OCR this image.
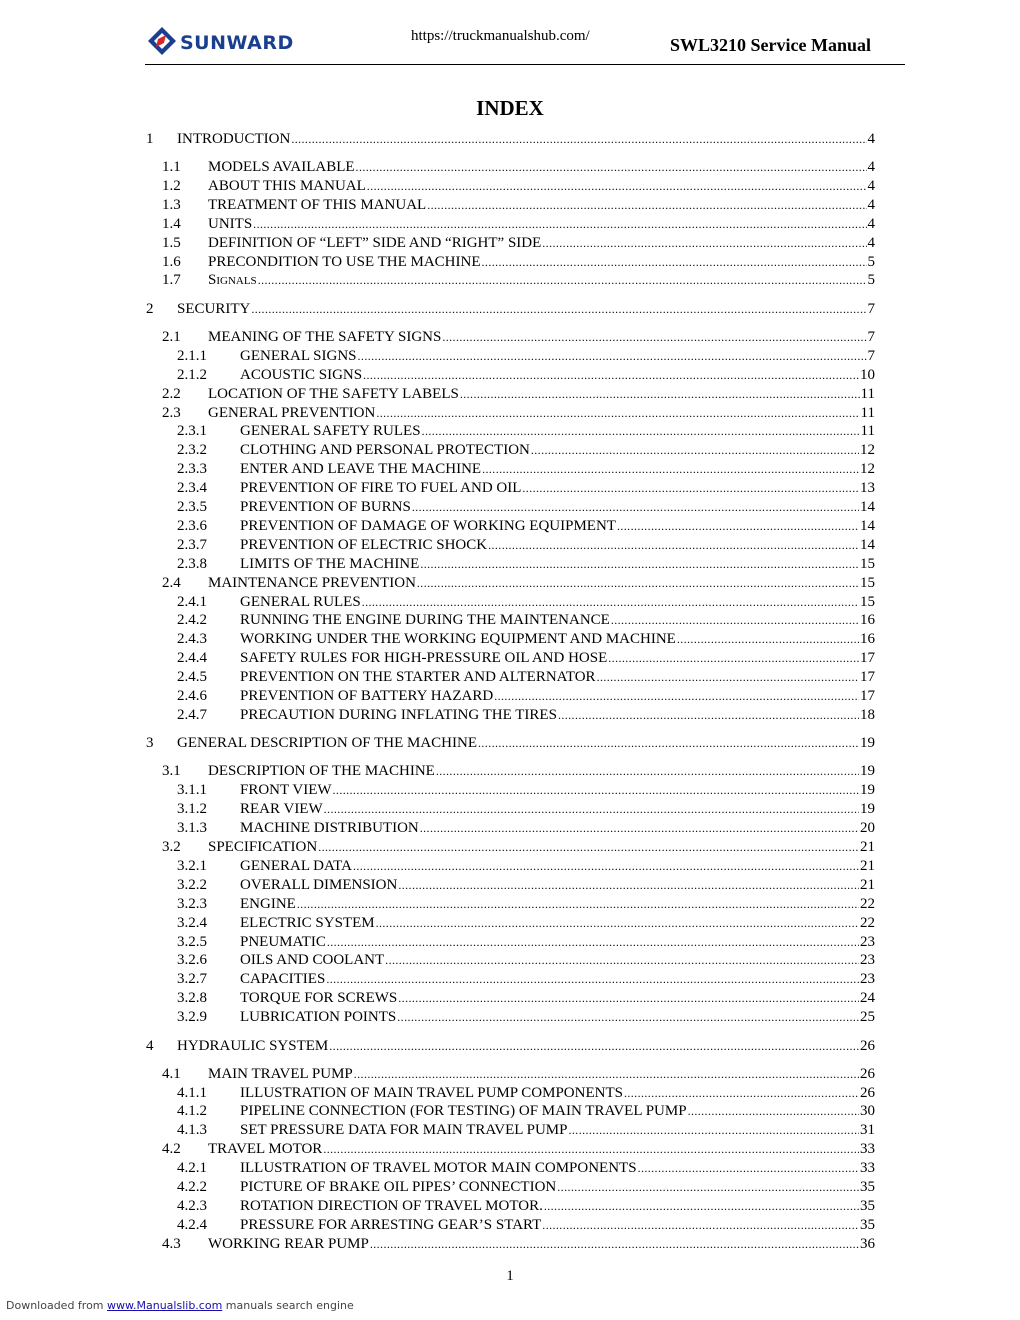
SUNWARD	https://truckmanualshub.com/	SWL3210 Service Manual
INDEX
1 INTRODUCTION .....	4
1.1 MODELS AVAILABLE .....	4
1.2 ABOUT THIS MANUAL .....	4
1.3 TREATMENT OF THIS MANUAL .....	4
1.4 UNITS .....	4
1.5 DEFINITION OF “LEFT” SIDE AND “RIGHT” SIDE .....	4
1.6 PRECONDITION TO USE THE MACHINE .....	5
1.7 Signals .....	5
2 SECURITY .....	7
2.1 MEANING OF THE SAFETY SIGNS .....	7
2.1.1 GENERAL SIGNS .....	7
2.1.2 ACOUSTIC SIGNS .....	10
2.2 LOCATION OF THE SAFETY LABELS .....	11
2.3 GENERAL PREVENTION .....	11
2.3.1 GENERAL SAFETY RULES .....	11
2.3.2 CLOTHING AND PERSONAL PROTECTION .....	12
2.3.3 ENTER AND LEAVE THE MACHINE .....	12
2.3.4 PREVENTION OF FIRE TO FUEL AND OIL .....	13
2.3.5 PREVENTION OF BURNS .....	14
2.3.6 PREVENTION OF DAMAGE OF WORKING EQUIPMENT .....	14
2.3.7 PREVENTION OF ELECTRIC SHOCK .....	14
2.3.8 LIMITS OF THE MACHINE .....	15
2.4 MAINTENANCE PREVENTION .....	15
2.4.1 GENERAL RULES .....	15
2.4.2 RUNNING THE ENGINE DURING THE MAINTENANCE .....	16
2.4.3 WORKING UNDER THE WORKING EQUIPMENT AND MACHINE .....	16
2.4.4 SAFETY RULES FOR HIGH-PRESSURE OIL AND HOSE .....	17
2.4.5 PREVENTION ON THE STARTER AND ALTERNATOR .....	17
2.4.6 PREVENTION OF BATTERY HAZARD .....	17
2.4.7 PRECAUTION DURING INFLATING THE TIRES .....	18
3 GENERAL DESCRIPTION OF THE MACHINE .....	19
3.1 DESCRIPTION OF THE MACHINE .....	19
3.1.1 FRONT VIEW .....	19
3.1.2 REAR VIEW .....	19
3.1.3 MACHINE DISTRIBUTION .....	20
3.2 SPECIFICATION .....	21
3.2.1 GENERAL DATA .....	21
3.2.2 OVERALL DIMENSION .....	21
3.2.3 ENGINE .....	22
3.2.4 ELECTRIC SYSTEM .....	22
3.2.5 PNEUMATIC .....	23
3.2.6 OILS AND COOLANT .....	23
3.2.7 CAPACITIES .....	23
3.2.8 TORQUE FOR SCREWS .....	24
3.2.9 LUBRICATION POINTS .....	25
4 HYDRAULIC SYSTEM .....	26
4.1 MAIN TRAVEL PUMP .....	26
4.1.1 ILLUSTRATION OF MAIN TRAVEL PUMP COMPONENTS .....	26
4.1.2 PIPELINE CONNECTION (FOR TESTING) OF MAIN TRAVEL PUMP .....	30
4.1.3 SET PRESSURE DATA FOR MAIN TRAVEL PUMP .....	31
4.2 TRAVEL MOTOR .....	33
4.2.1 ILLUSTRATION OF TRAVEL MOTOR MAIN COMPONENTS .....	33
4.2.2 PICTURE OF BRAKE OIL PIPES’ CONNECTION .....	35
4.2.3 ROTATION DIRECTION OF TRAVEL MOTOR. .....	35
4.2.4 PRESSURE FOR ARRESTING GEAR’S START .....	35
4.3 WORKING REAR PUMP .....	36
1
Downloaded from www.Manualslib.com manuals search engine
